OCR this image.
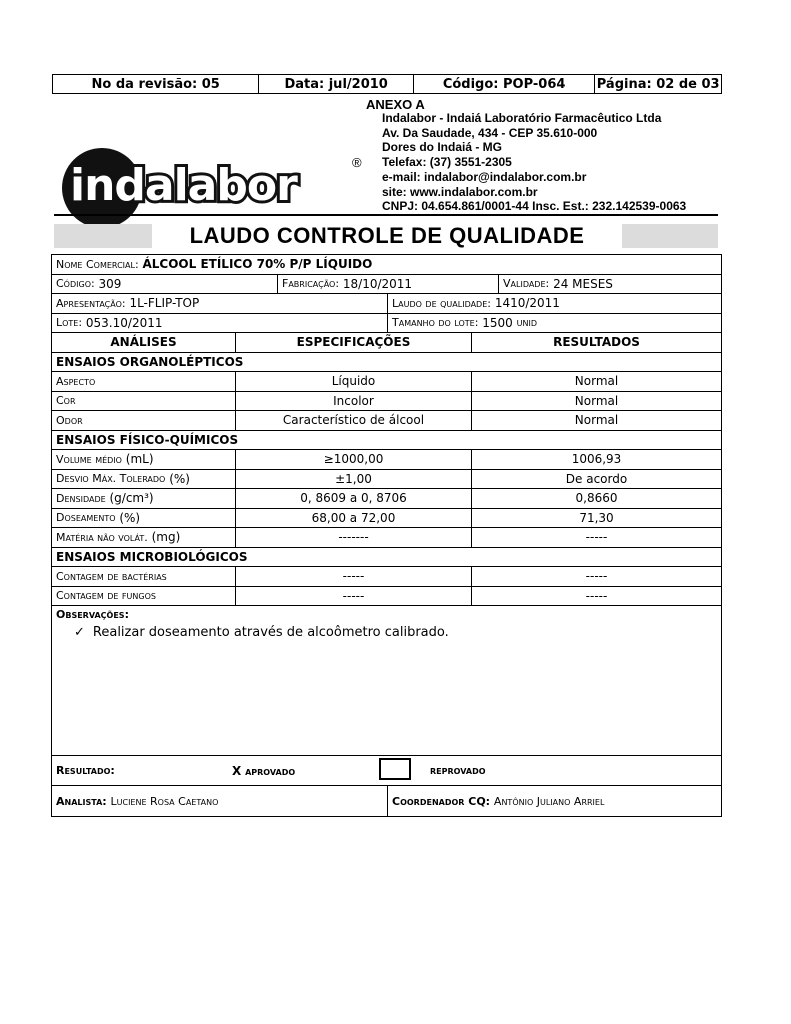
No da revisão: 05	Data: jul/2010	Código: POP-064	Página: 02 de 03
ANEXO A
Indalabor - Indaiá Laboratório Farmacêutico Ltda
Av. Da Saudade, 434 - CEP 35.610-000
Dores do Indaiá - MG
Telefax: (37) 3551-2305
e-mail: indalabor@indalabor.com.br
site: www.indalabor.com.br
CNPJ: 04.654.861/0001-44 Insc. Est.: 232.142539-0063
indalabor	®
LAUDO CONTROLE DE QUALIDADE
Nome Comercial:
ÁLCOOL ETÍLICO 70% P/P LÍQUIDO
Código:
309	Fabricação:
18/10/2011	Validade:
24 MESES
Apresentação:
1L-FLIP-TOP	Laudo de qualidade:
1410/2011
Lote:
053.10/2011	Tamanho do lote:
1500
unid
ANÁLISES	ESPECIFICAÇÕES	RESULTADOS
ENSAIOS ORGANOLÉPTICOS
Aspecto	Líquido	Normal
Cor	Incolor	Normal
Odor	Característico de álcool	Normal
ENSAIOS FÍSICO-QUÍMICOS
Volume médio
(mL)	≥1000,00	1006,93
Desvio Máx. Tolerado
(%)	±1,00	De acordo
Densidade
(g/cm³)	0, 8609 a 0, 8706	0,8660
Doseamento
(%)	68,00 a 72,00	71,30
Matéria não volát.
(mg)	-------	-----
ENSAIOS MICROBIOLÓGICOS
Contagem de bactérias	-----	-----
Contagem de fungos	-----	-----
Observações:
✓ Realizar doseamento através de alcoômetro calibrado.
Resultado:	X aprovado	reprovado
Analista:
Luciene Rosa Caetano	Coordenador CQ:
Antônio Juliano Arriel
